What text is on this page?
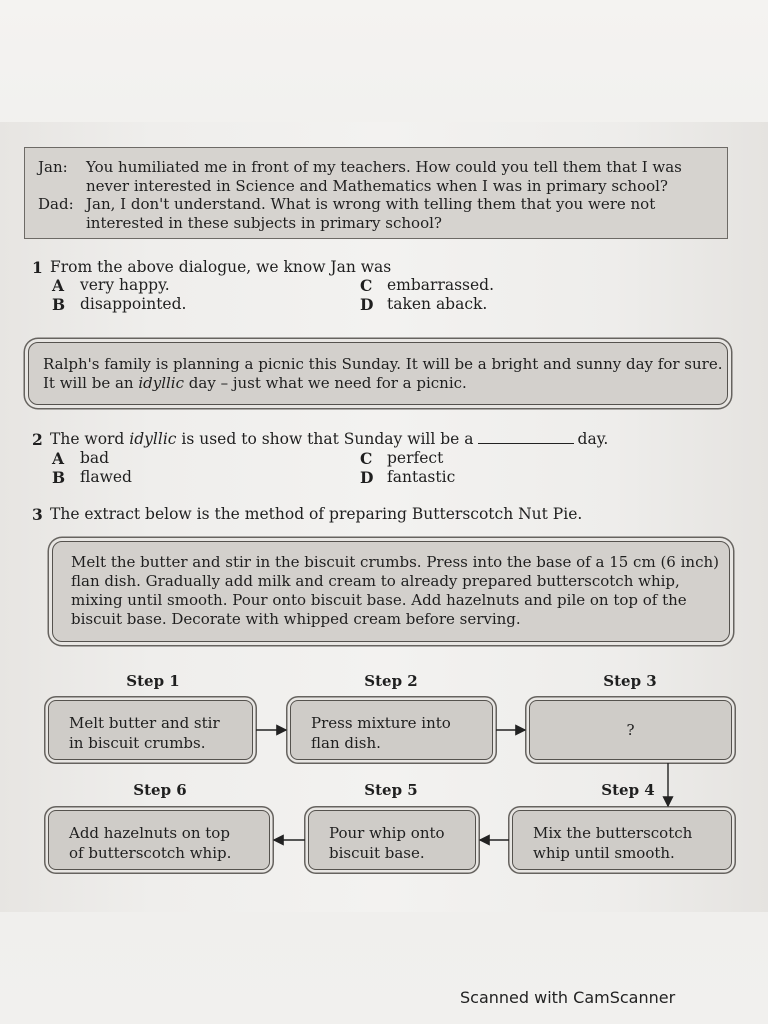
Jan: You humiliated me in front of my teachers. How could you tell them that I was never interested in Science and Mathematics when I was in primary school?
Dad: Jan, I don't understand. What is wrong with telling them that you were not interested in these subjects in primary school?
1 From the above dialogue, we know Jan was
A very happy.
B disappointed.
C embarrassed.
D taken aback.
Ralph's family is planning a picnic this Sunday. It will be a bright and sunny day for sure.
It will be an idyllic day – just what we need for a picnic.
2 The word idyllic is used to show that Sunday will be a	day.
A bad
B flawed
C perfect
D fantastic
3 The extract below is the method of preparing Butterscotch Nut Pie.
Melt the butter and stir in the biscuit crumbs. Press into the base of a 15 cm (6 inch)
flan dish. Gradually add milk and cream to already prepared butterscotch whip,
mixing until smooth. Pour onto biscuit base. Add hazelnuts and pile on top of the
biscuit base. Decorate with whipped cream before serving.
Step 1	Step 2	Step 3
Step 6	Step 5	Step 4
Melt butter and stir
in biscuit crumbs.
Press mixture into
flan dish.
?
Add hazelnuts on top
of butterscotch whip.
Pour whip onto
biscuit base.
Mix the butterscotch
whip until smooth.
Scanned with CamScanner
